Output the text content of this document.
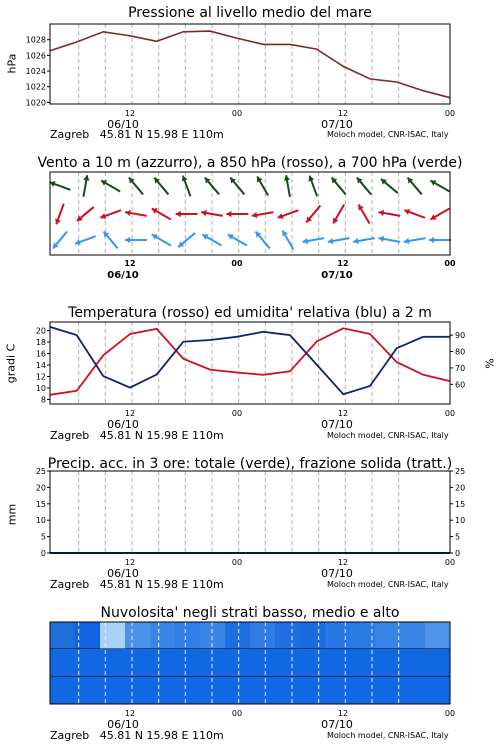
Pressione al livello medio del mare
Vento a 10 m (azzurro), a 850 hPa (rosso), a 700 hPa (verde)
Temperatura (rosso) ed umidita' relativa (blu) a 2 m
Precip. acc. in 3 ore: totale (verde), frazione solida (tratt.)
Nuvolosita' negli strati basso, medio e alto
hPa
gradi C	%
mm
Zagreb 45.81 N 15.98 E 110m	Moloch model, CNR-ISAC, Italy
Zagreb 45.81 N 15.98 E 110m	Moloch model, CNR-ISAC, Italy
Zagreb 45.81 N 15.98 E 110m	Moloch model, CNR-ISAC, Italy
Zagreb 45.81 N 15.98 E 110m	Moloch model, CNR-ISAC, Italy
1020
1022
1024
1026
1028
12	00	12	00
06/10	07/10
12	00	12	00
06/10	07/10
8
10
12
14
16
18
20
60
70
80
90
12	00	12	00
06/10	07/10
0	0
5	5
10	10
15	15
20	20
25	25
12	00	12	00
06/10	07/10
12	00	12	00
06/10	07/10
